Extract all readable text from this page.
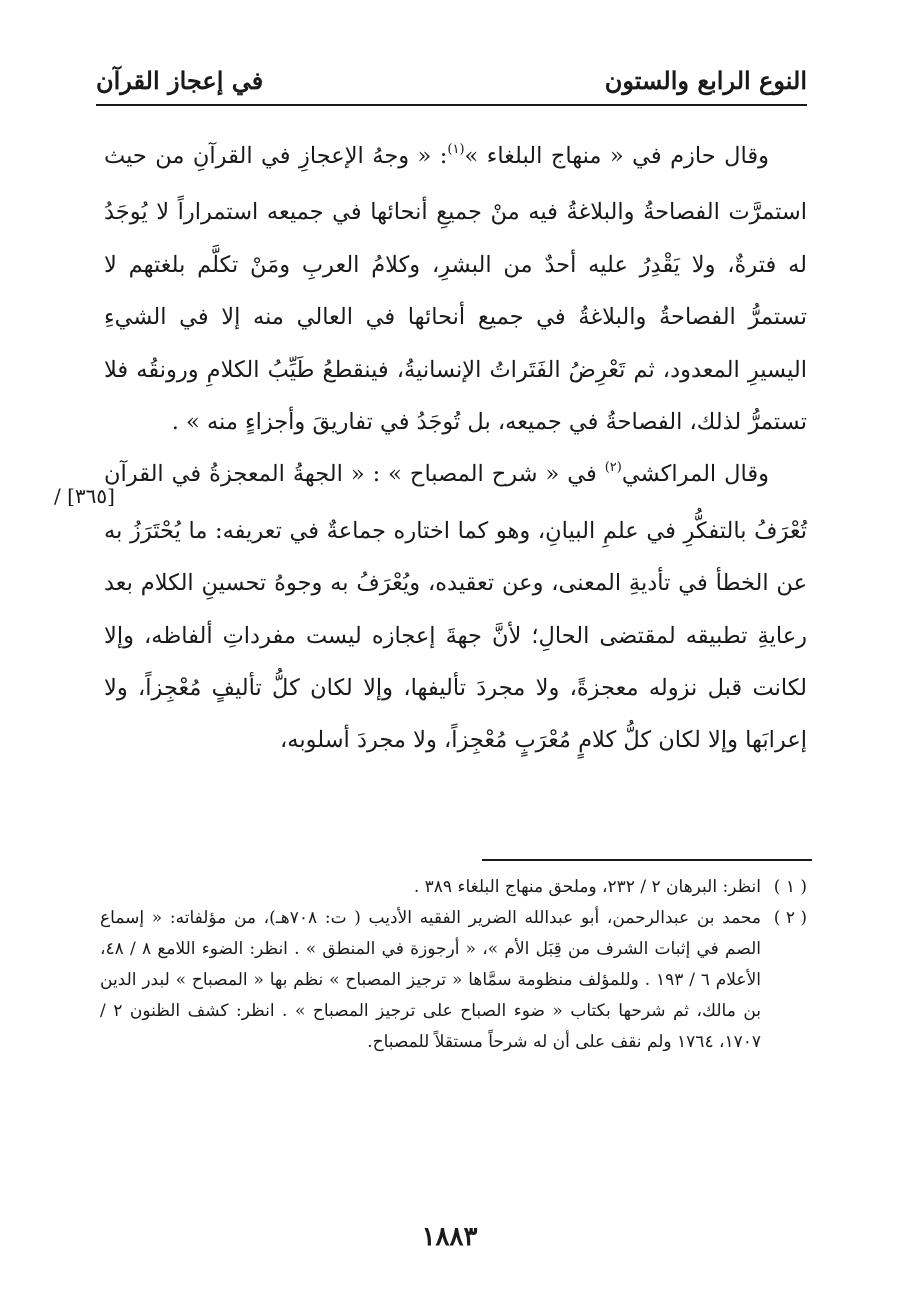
النوع الرابع والستون
في إعجاز القرآن

وقال حازم في « منهاج البلغاء »$^{(١)}$: « وجهُ الإعجازِ في القرآنِ من حيث استمرَّت الفصاحةُ والبلاغةُ فيه منْ جميعِ أنحائها في جميعه استمراراً لا يُوجَدُ له فترةٌ، ولا يَقْدِرُ عليه أحدٌ من البشرِ، وكلامُ العربِ ومَنْ تكلَّم بلغتهم لا تستمرُّ الفصاحةُ والبلاغةُ في جميع أنحائها في العالي منه إلا في الشيءِ اليسيرِ المعدود، ثم تَعْرِضُ الفَتَراتُ الإنسانيةُ، فينقطعُ طَيِّبُ الكلامِ ورونقُه فلا تستمرُّ لذلك، الفصاحةُ في جميعه، بل تُوجَدُ في تفاريقَ وأجزاءٍ منه » .

وقال المراكشي$^{(٢)}$ في « شرح المصباح » : « الجهةُ المعجزةُ في القرآن تُعْرَفُ بالتفكُّرِ في علمِ البيانِ، وهو كما اختاره جماعةٌ في تعريفه: ما يُحْتَرَزُ به عن الخطأ في تأديةِ المعنى، وعن تعقيده، ويُعْرَفُ به وجوهُ تحسينِ الكلام بعد رعايةِ تطبيقه لمقتضى الحالِ؛ لأنَّ جهةَ إعجازه ليست مفرداتِ ألفاظه، وإلا لكانت قبل نزوله معجزةً، ولا مجردَ تأليفها، وإلا لكان كلُّ تأليفٍ مُعْجِزاً، ولا إعرابَها وإلا لكان كلُّ كلامٍ مُعْرَبٍ مُعْجِزاً، ولا مجردَ أسلوبه،

[٣٦٥] /

( ١ )
انظر: البرهان ٢ / ٢٣٢، وملحق منهاج البلغاء ٣٨٩ .

( ٢ )
محمد بن عبدالرحمن، أبو عبدالله الضرير الفقيه الأديب ( ت: ٧٠٨هـ)، من مؤلفاته: « إسماع الصم في إثبات الشرف من قِبَل الأم »، « أرجوزة في المنطق » . انظر: الضوء اللامع ٨ / ٤٨، الأعلام ٦ / ١٩٣ . وللمؤلف منظومة سمَّاها « ترجيز المصباح » نظم بها « المصباح » لبدر الدين بن مالك، ثم شرحها بكتاب « ضوء الصباح على ترجيز المصباح » . انظر: كشف الظنون ٢ / ١٧٠٧، ١٧٦٤ ولم نقف على أن له شرحاً مستقلاً للمصباح.

١٨٨٣
